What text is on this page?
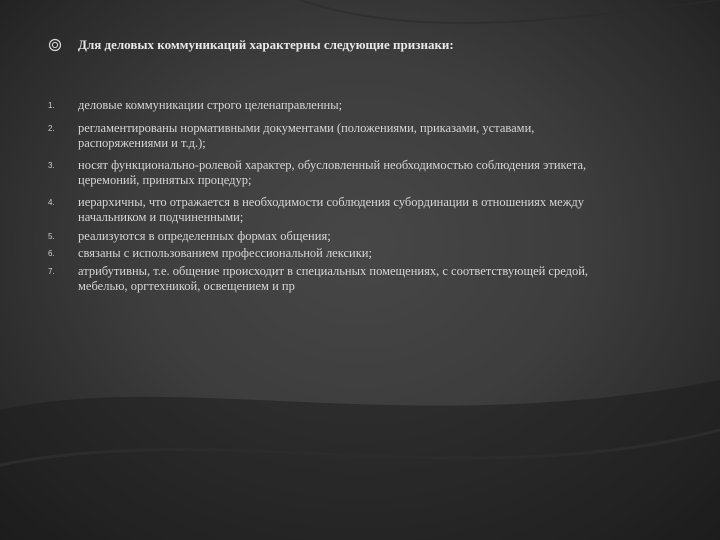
Для деловых коммуникаций характерны следующие признаки:
1. деловые коммуникации строго целенаправленны;
2. регламентированы нормативными документами (положениями, приказами, уставами, распоряжениями и т.д.);
3. носят функционально-ролевой характер, обусловленный необходимостью соблюдения этикета, церемоний, принятых процедур;
4. иерархичны, что отражается в необходимости соблюдения субординации в отношениях между начальником и подчиненными;
5. реализуются в определенных формах общения;
6. связаны с использованием профессиональной лексики;
7. атрибутивны, т.е. общение происходит в специальных помещениях, с соответствующей средой, мебелью, оргтехникой, освещением и пр
